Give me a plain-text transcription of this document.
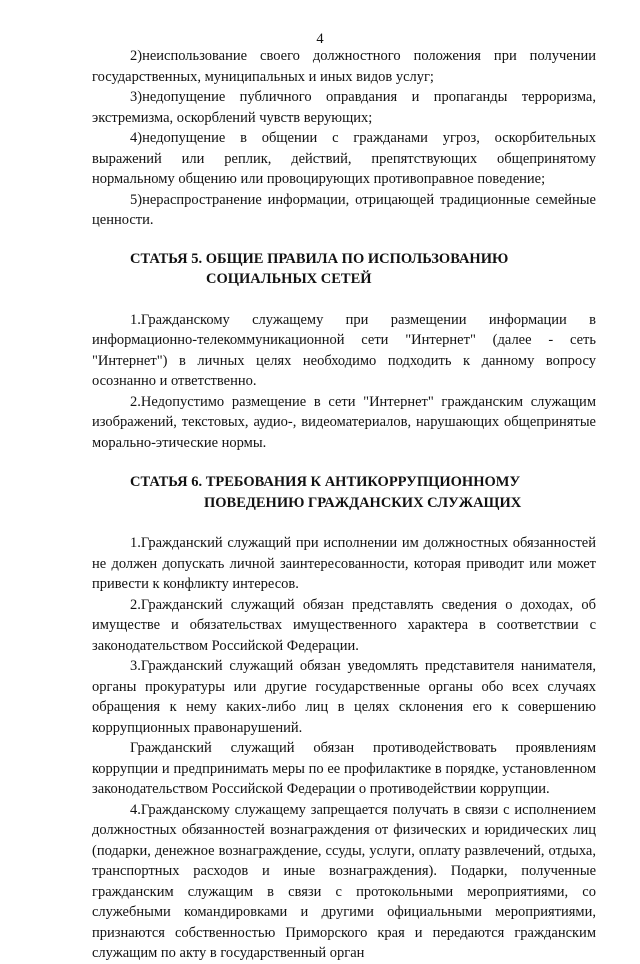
4

2)неиспользование своего должностного положения при получении государственных, муниципальных и иных видов услуг;

3)недопущение публичного оправдания и пропаганды терроризма, экстремизма, оскорблений чувств верующих;

4)недопущение в общении с гражданами угроз, оскорбительных выражений или реплик, действий, препятствующих общепринятому нормальному общению или провоцирующих противоправное поведение;

5)нераспространение информации, отрицающей традиционные семейные ценности.

СТАТЬЯ 5. ОБЩИЕ ПРАВИЛА ПО ИСПОЛЬЗОВАНИЮ
СОЦИАЛЬНЫХ СЕТЕЙ

1.Гражданскому служащему при размещении информации в информационно-телекоммуникационной сети "Интернет" (далее - сеть "Интернет") в личных целях необходимо подходить к данному вопросу осознанно и ответственно.

2.Недопустимо размещение в сети "Интернет" гражданским служащим изображений, текстовых, аудио-, видеоматериалов, нарушающих общепринятые морально-этические нормы.

СТАТЬЯ 6. ТРЕБОВАНИЯ К АНТИКОРРУПЦИОННОМУ
ПОВЕДЕНИЮ ГРАЖДАНСКИХ СЛУЖАЩИХ

1.Гражданский служащий при исполнении им должностных обязанностей не должен допускать личной заинтересованности, которая приводит или может привести к конфликту интересов.

2.Гражданский служащий обязан представлять сведения о доходах, об имуществе и обязательствах имущественного характера в соответствии с законодательством Российской Федерации.

3.Гражданский служащий обязан уведомлять представителя нанимателя, органы прокуратуры или другие государственные органы обо всех случаях обращения к нему каких-либо лиц в целях склонения его к совершению коррупционных правонарушений.

Гражданский служащий обязан противодействовать проявлениям коррупции и предпринимать меры по ее профилактике в порядке, установленном законодательством Российской Федерации о противодействии коррупции.

4.Гражданскому служащему запрещается получать в связи с исполнением должностных обязанностей вознаграждения от физических и юридических лиц (подарки, денежное вознаграждение, ссуды, услуги, оплату развлечений, отдыха, транспортных расходов и иные вознаграждения). Подарки, полученные гражданским служащим в связи с протокольными мероприятиями, со служебными командировками и другими официальными мероприятиями, признаются собственностью Приморского края и передаются гражданским служащим по акту в государственный орган
